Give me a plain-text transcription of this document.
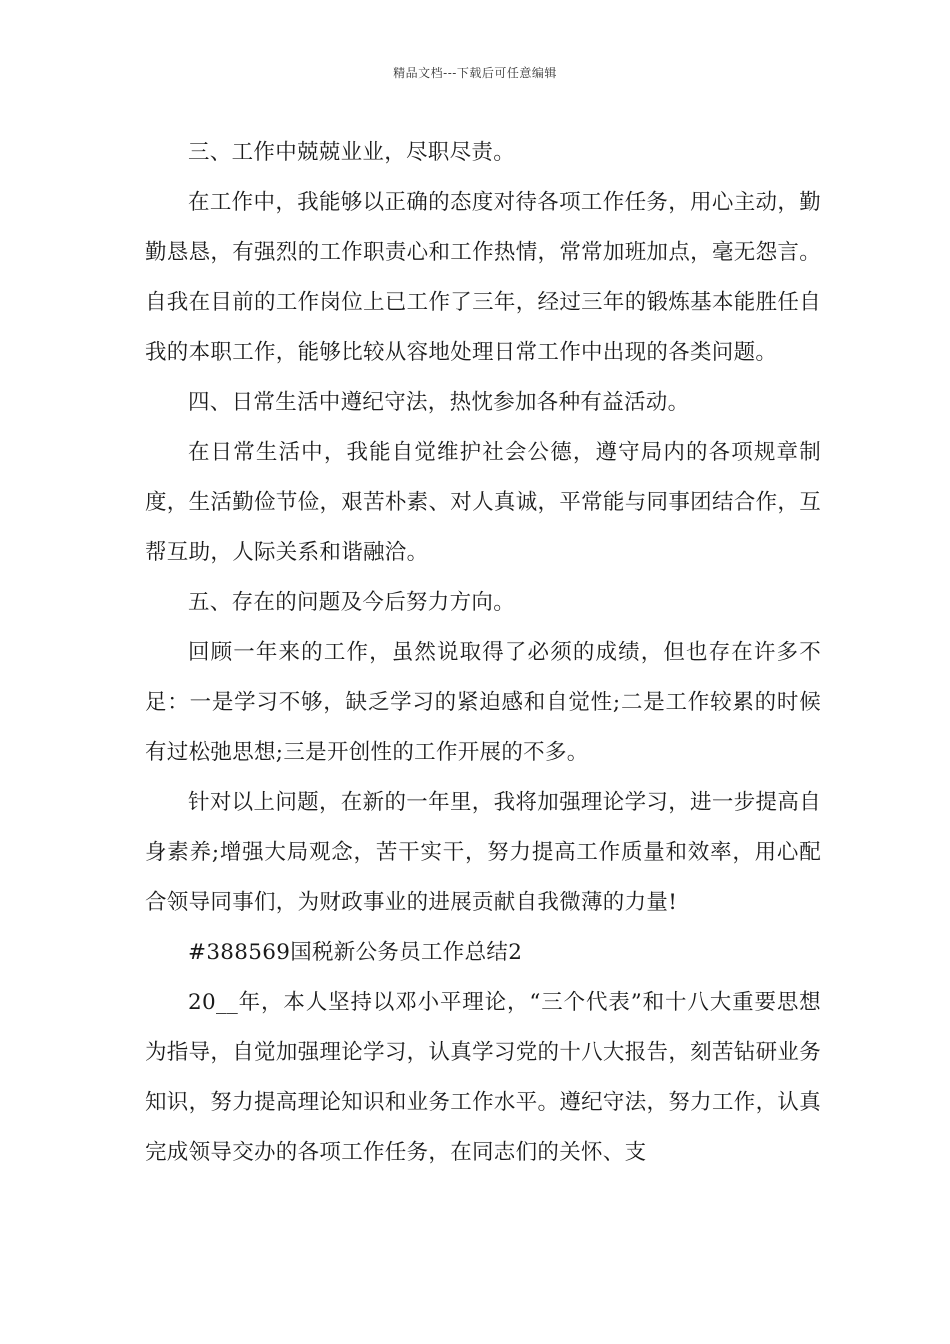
精品文档---下载后可任意编辑

三、工作中兢兢业业，尽职尽责。

在工作中，我能够以正确的态度对待各项工作任务，用心主动，勤勤恳恳，有强烈的工作职责心和工作热情，常常加班加点，毫无怨言。自我在目前的工作岗位上已工作了三年，经过三年的锻炼基本能胜任自我的本职工作，能够比较从容地处理日常工作中出现的各类问题。

四、日常生活中遵纪守法，热忱参加各种有益活动。

在日常生活中，我能自觉维护社会公德，遵守局内的各项规章制度，生活勤俭节俭，艰苦朴素、对人真诚，平常能与同事团结合作，互帮互助，人际关系和谐融洽。

五、存在的问题及今后努力方向。

回顾一年来的工作，虽然说取得了必须的成绩，但也存在许多不足：一是学习不够，缺乏学习的紧迫感和自觉性;二是工作较累的时候有过松弛思想;三是开创性的工作开展的不多。

针对以上问题，在新的一年里，我将加强理论学习，进一步提高自身素养;增强大局观念，苦干实干，努力提高工作质量和效率，用心配合领导同事们，为财政事业的进展贡献自我微薄的力量!

#388569国税新公务员工作总结2

20__年，本人坚持以邓小平理论，“三个代表”和十八大重要思想为指导，自觉加强理论学习，认真学习党的十八大报告，刻苦钻研业务知识，努力提高理论知识和业务工作水平。遵纪守法，努力工作，认真完成领导交办的各项工作任务，在同志们的关怀、支
